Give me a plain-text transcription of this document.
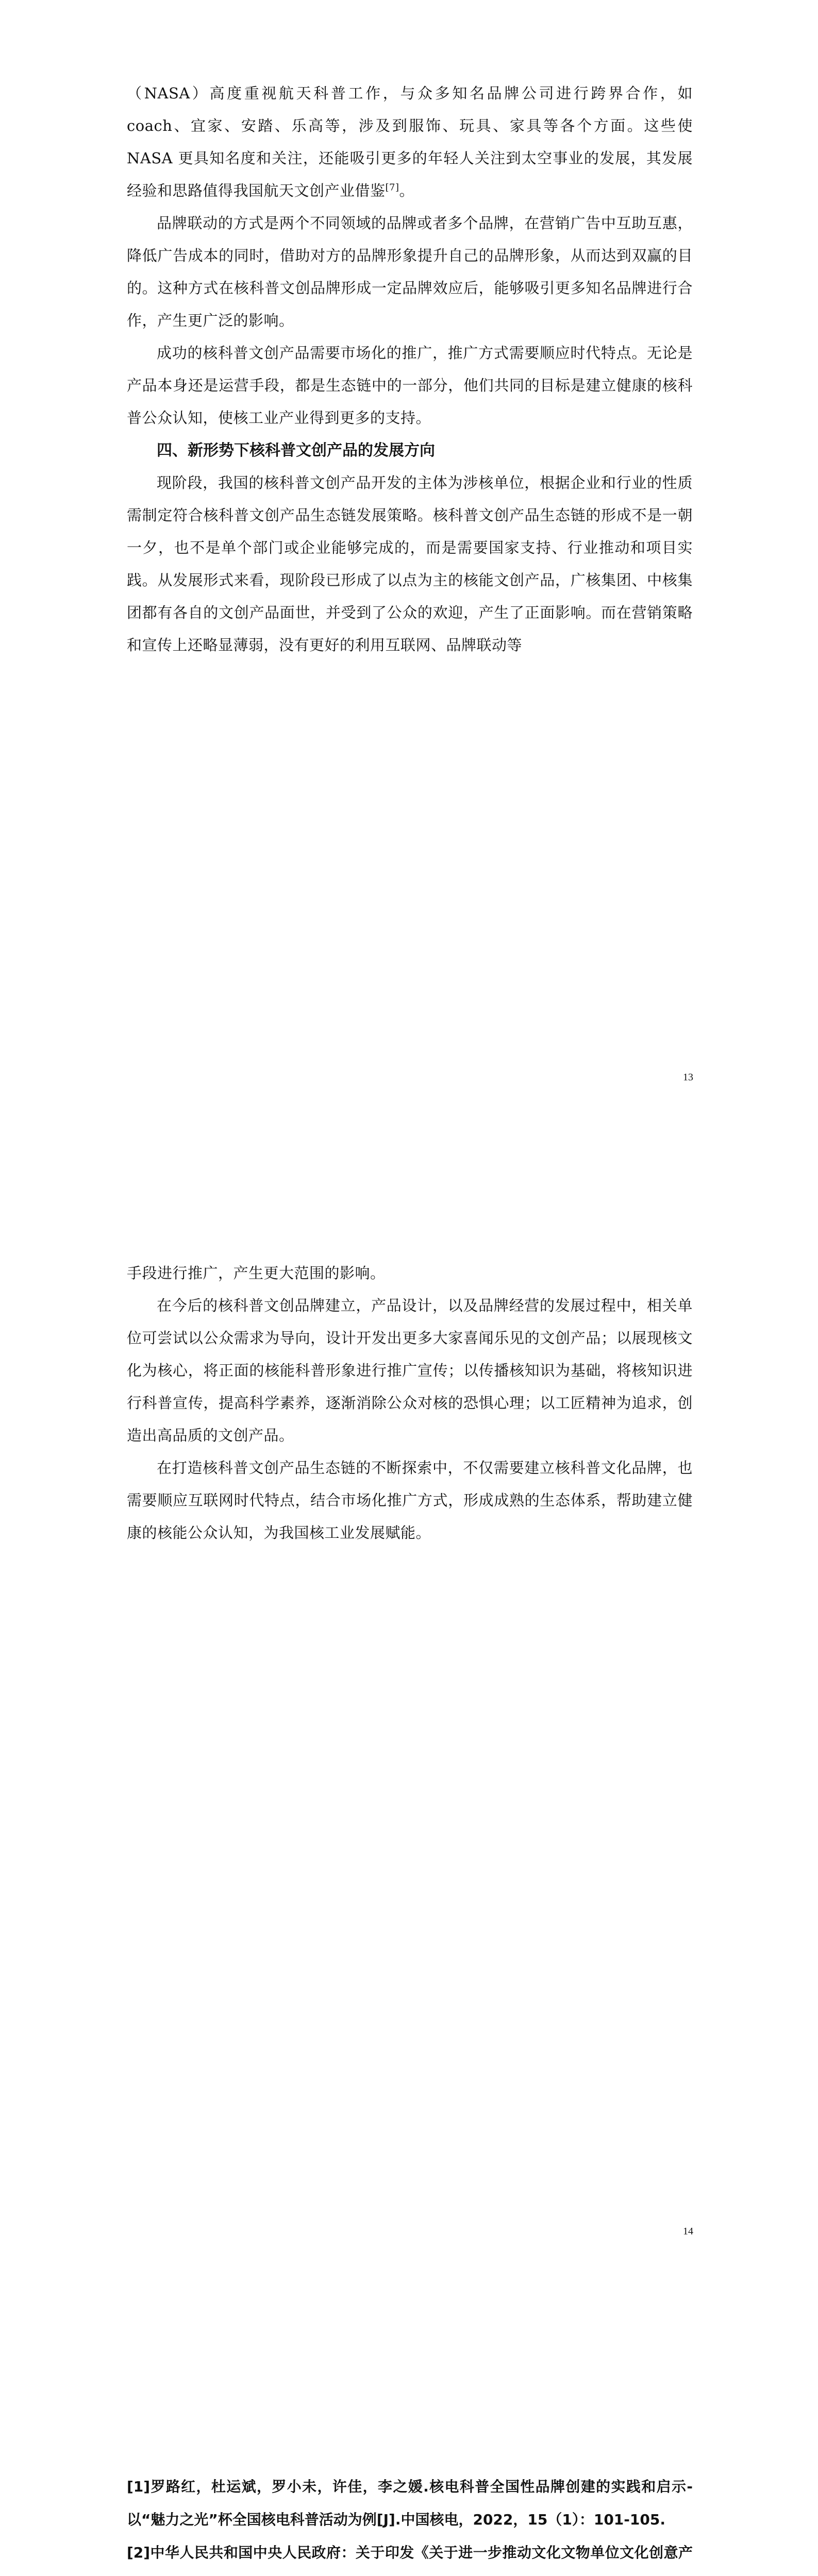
（NASA）高度重视航天科普工作，与众多知名品牌公司进行跨界合作，如 coach、宜家、安踏、乐高等，涉及到服饰、玩具、家具等各个方面。这些使 NASA 更具知名度和关注，还能吸引更多的年轻人关注到太空事业的发展，其发展经验和思路值得我国航天文创产业借鉴[7]。

品牌联动的方式是两个不同领域的品牌或者多个品牌，在营销广告中互助互惠，降低广告成本的同时，借助对方的品牌形象提升自己的品牌形象，从而达到双赢的目的。这种方式在核科普文创品牌形成一定品牌效应后，能够吸引更多知名品牌进行合作，产生更广泛的影响。

成功的核科普文创产品需要市场化的推广，推广方式需要顺应时代特点。无论是产品本身还是运营手段，都是生态链中的一部分，他们共同的目标是建立健康的核科普公众认知，使核工业产业得到更多的支持。

四、新形势下核科普文创产品的发展方向

现阶段，我国的核科普文创产品开发的主体为涉核单位，根据企业和行业的性质需制定符合核科普文创产品生态链发展策略。核科普文创产品生态链的形成不是一朝一夕，也不是单个部门或企业能够完成的，而是需要国家支持、行业推动和项目实践。从发展形式来看，现阶段已形成了以点为主的核能文创产品，广核集团、中核集团都有各自的文创产品面世，并受到了公众的欢迎，产生了正面影响。而在营销策略和宣传上还略显薄弱，没有更好的利用互联网、品牌联动等

13

手段进行推广，产生更大范围的影响。

在今后的核科普文创品牌建立，产品设计，以及品牌经营的发展过程中，相关单位可尝试以公众需求为导向，设计开发出更多大家喜闻乐见的文创产品；以展现核文化为核心，将正面的核能科普形象进行推广宣传；以传播核知识为基础，将核知识进行科普宣传，提高科学素养，逐渐消除公众对核的恐惧心理；以工匠精神为追求，创造出高品质的文创产品。

在打造核科普文创产品生态链的不断探索中，不仅需要建立核科普文化品牌，也需要顺应互联网时代特点，结合市场化推广方式，形成成熟的生态体系，帮助建立健康的核能公众认知，为我国核工业发展赋能。

14

[1]罗路红，杜运斌，罗小未，许佳，李之媛.核电科普全国性品牌创建的实践和启示-以“魅力之光”杯全国核电科普活动为例[J].中国核电，2022，15（1）：101-105.

[2]中华人民共和国中央人民政府：关于印发《关于进一步推动文化文物单位文化创意产
